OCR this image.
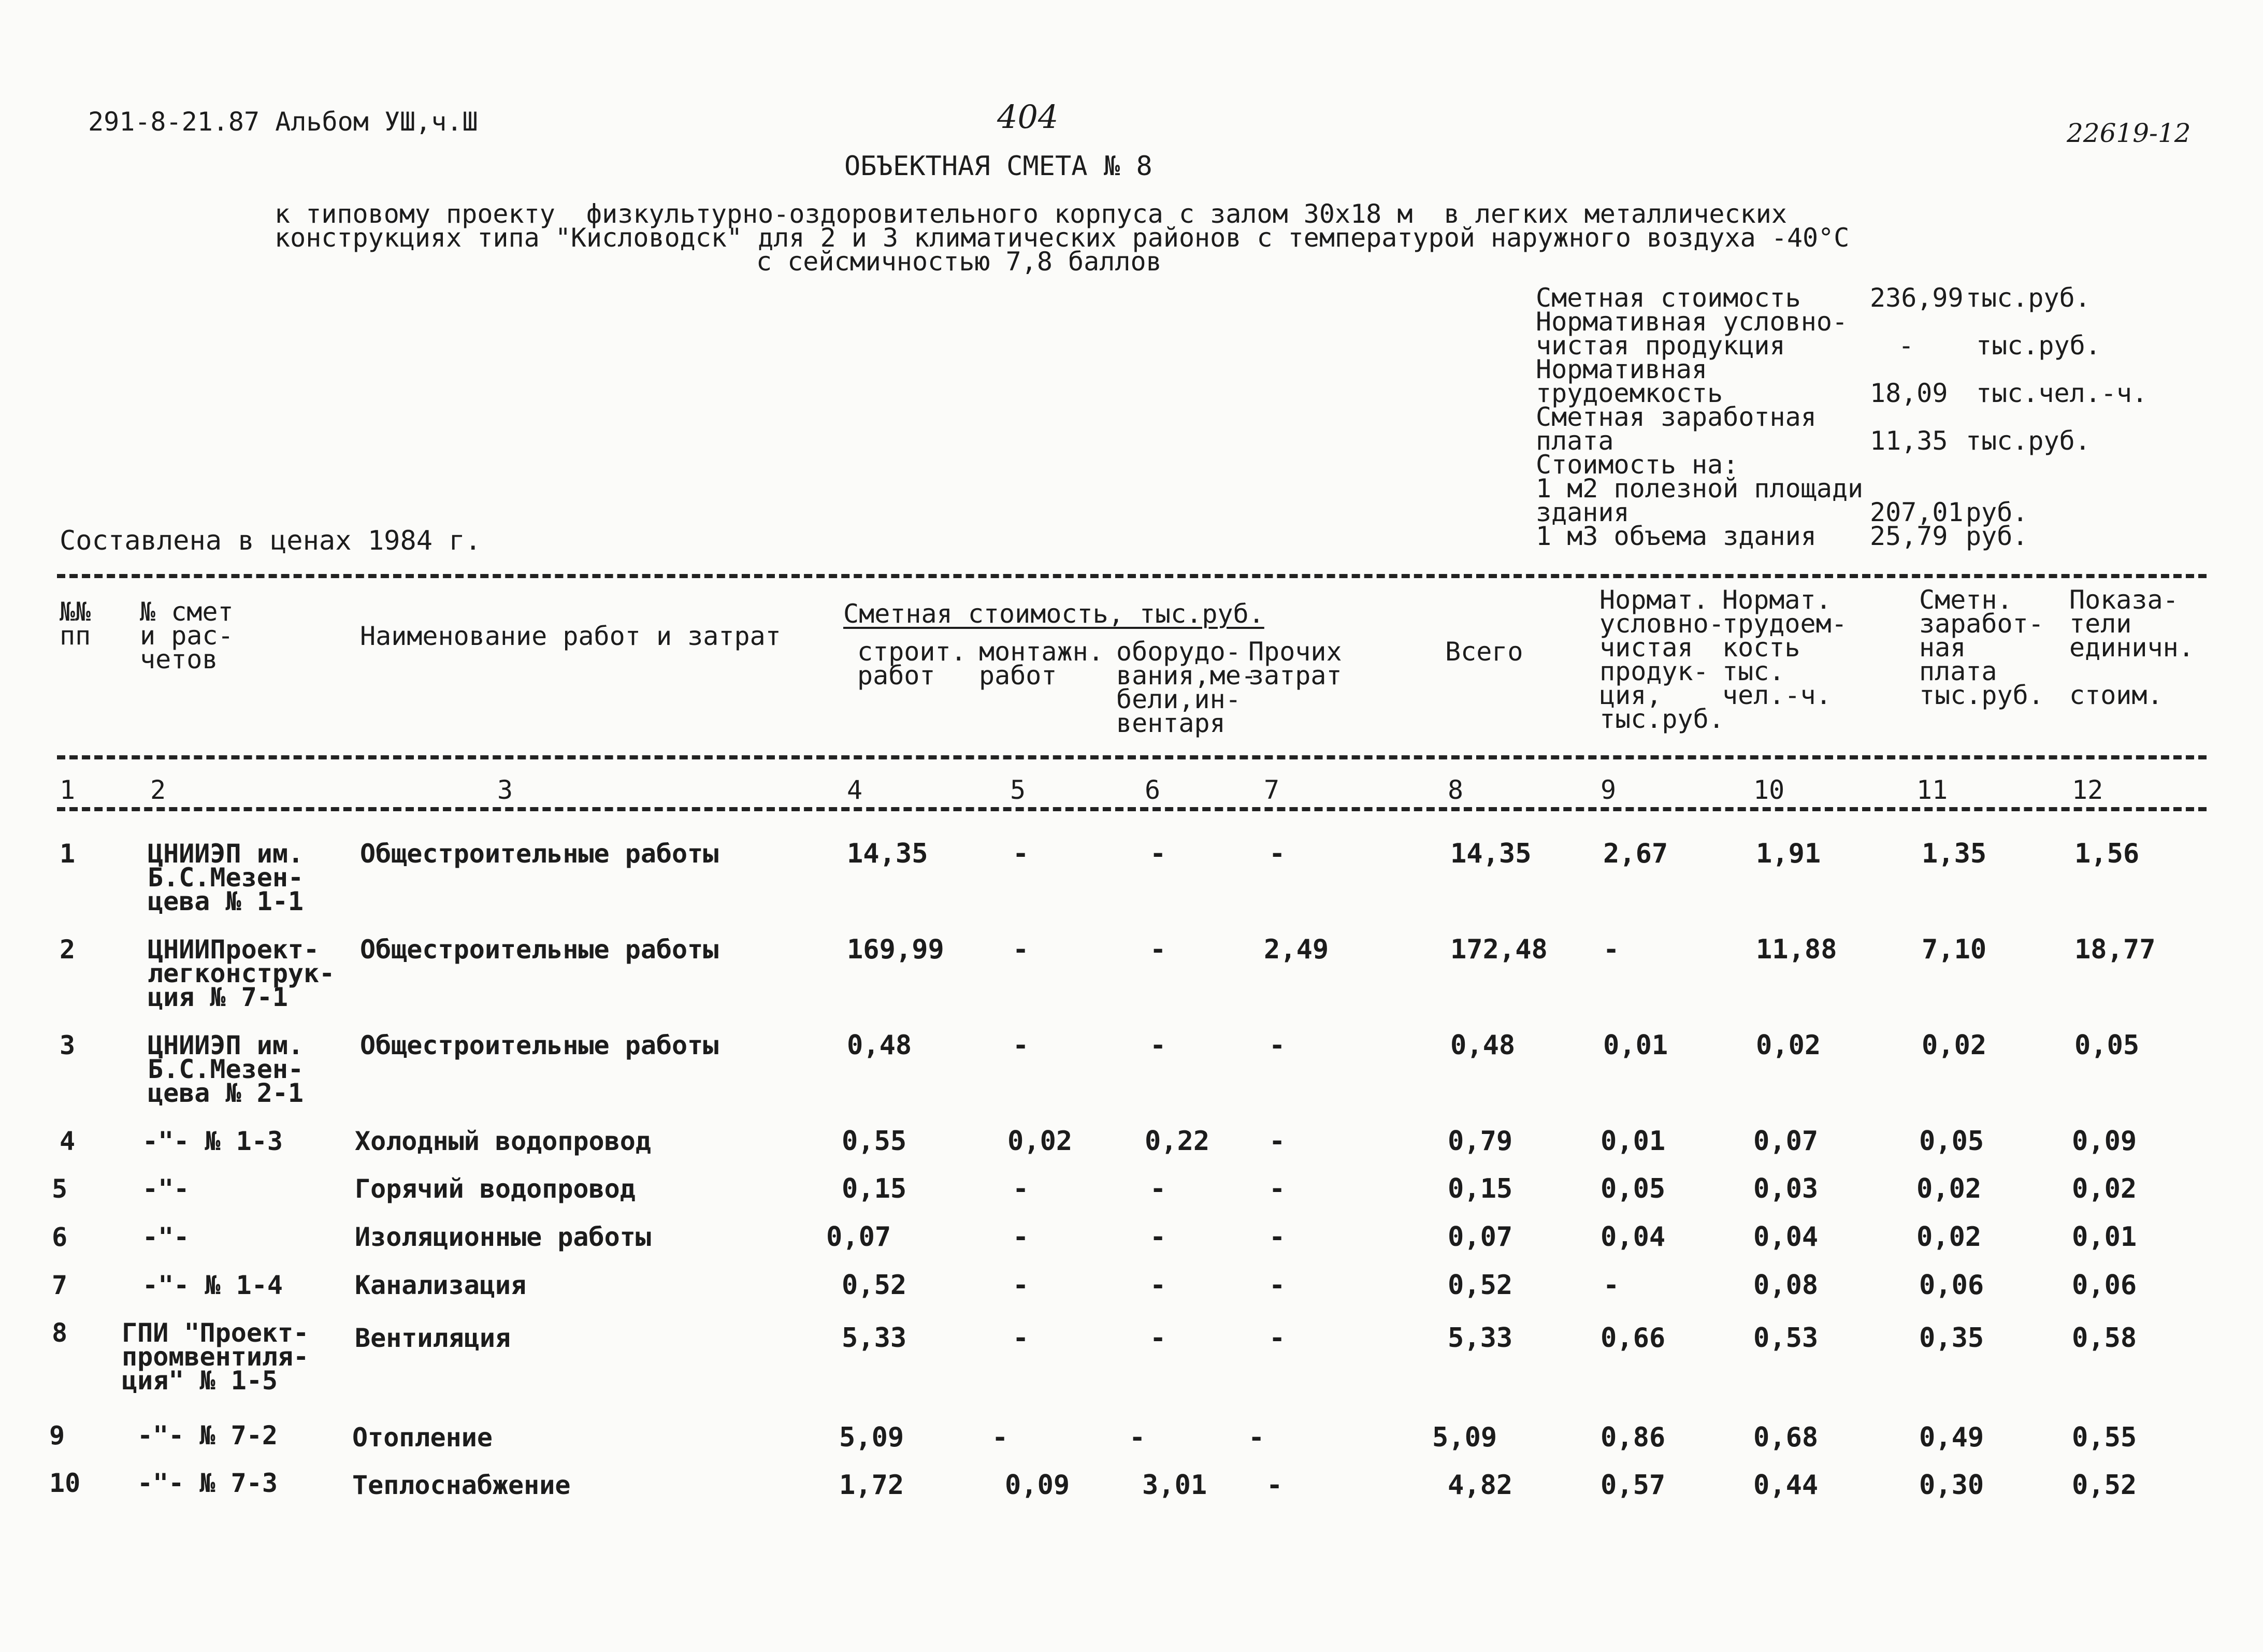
291-8-21.87 Альбом УШ,ч.Ш	404	22619-12
ОБЪЕКТНАЯ СМЕТА № 8
к типовому проекту  физкультурно-оздоровительного корпуса с залом 30х18 м  в легких металлических
конструкциях типа "Кисловодск" для 2 и 3 климатических районов с температурой наружного воздуха -40°С
с сейсмичностью 7,8 баллов

Сметная стоимость

	236,99

тыс.руб.

Нормативная условно-
чистая продукция

	-

тыс.руб.

Нормативная
трудоемкость

	18,09

тыс.чел.-ч.

Сметная заработная
плата

	11,35

тыс.руб.

Стоимость на:

1 м2 полезной площади
здания

	207,01

руб.

1 м3 объема здания

25,79

руб.

Составлена в ценах 1984 г.
№№
пп
№ смет
и рас-
четов
Наименование работ и затрат
Сметная стоимость, тыс.руб.
строит.
работ
монтажн.
работ
оборудо-
вания,ме-
бели,ин-
вентаря
Прочих
затрат
Всего
Нормат.
условно-
чистая
продук-
ция,
тыс.руб.
Нормат.
трудоем-
кость
тыс.
чел.-ч.
Сметн.
заработ-
ная
плата
тыс.руб.
Показа-
тели
единичн.

стоим.
1	2	3	4	5	6	7	8	9	10	11	12
1	ЦНИИЭП им.
Б.С.Мезен-
цева № 1-1
Общестроительные работы	14,35	-	-	-	14,35	2,67	1,91	1,35	1,56
2	ЦНИИПроект-
легконструк-
ция № 7-1
Общестроительные работы	169,99	-	-	2,49	172,48 -	11,88	7,10	18,77
3	ЦНИИЭП им.
Б.С.Мезен-
цева № 2-1
Общестроительные работы	0,48	-	-	-	0,48	0,01	0,02	0,02	0,05
4	-"- № 1-3	Холодный водопровод	0,55	0,02	0,22 -	0,79	0,01	0,07	0,05	0,09
5	-"-	Горячий водопровод	0,15	-	-	-	0,15	0,05	0,03	0,02	0,02
6	-"-	Изоляционные работы	0,07	-	-	-	0,07	0,04	0,04	0,02	0,01
7	-"- № 1-4	Канализация	0,52	-	-	-	0,52	-	0,08	0,06	0,06
8 ГПИ "Проект-
промвентиля-
ция" № 1-5
Вентиляция	5,33	-	-	-	5,33	0,66	0,53	0,35	0,58
9	-"- № 7-2	Отопление	5,09	-	-	-	5,09	0,86	0,68	0,49	0,55
10 -"- № 7-3	Теплоснабжение	1,72	0,09	3,01 -	4,82	0,57	0,44	0,30	0,52
